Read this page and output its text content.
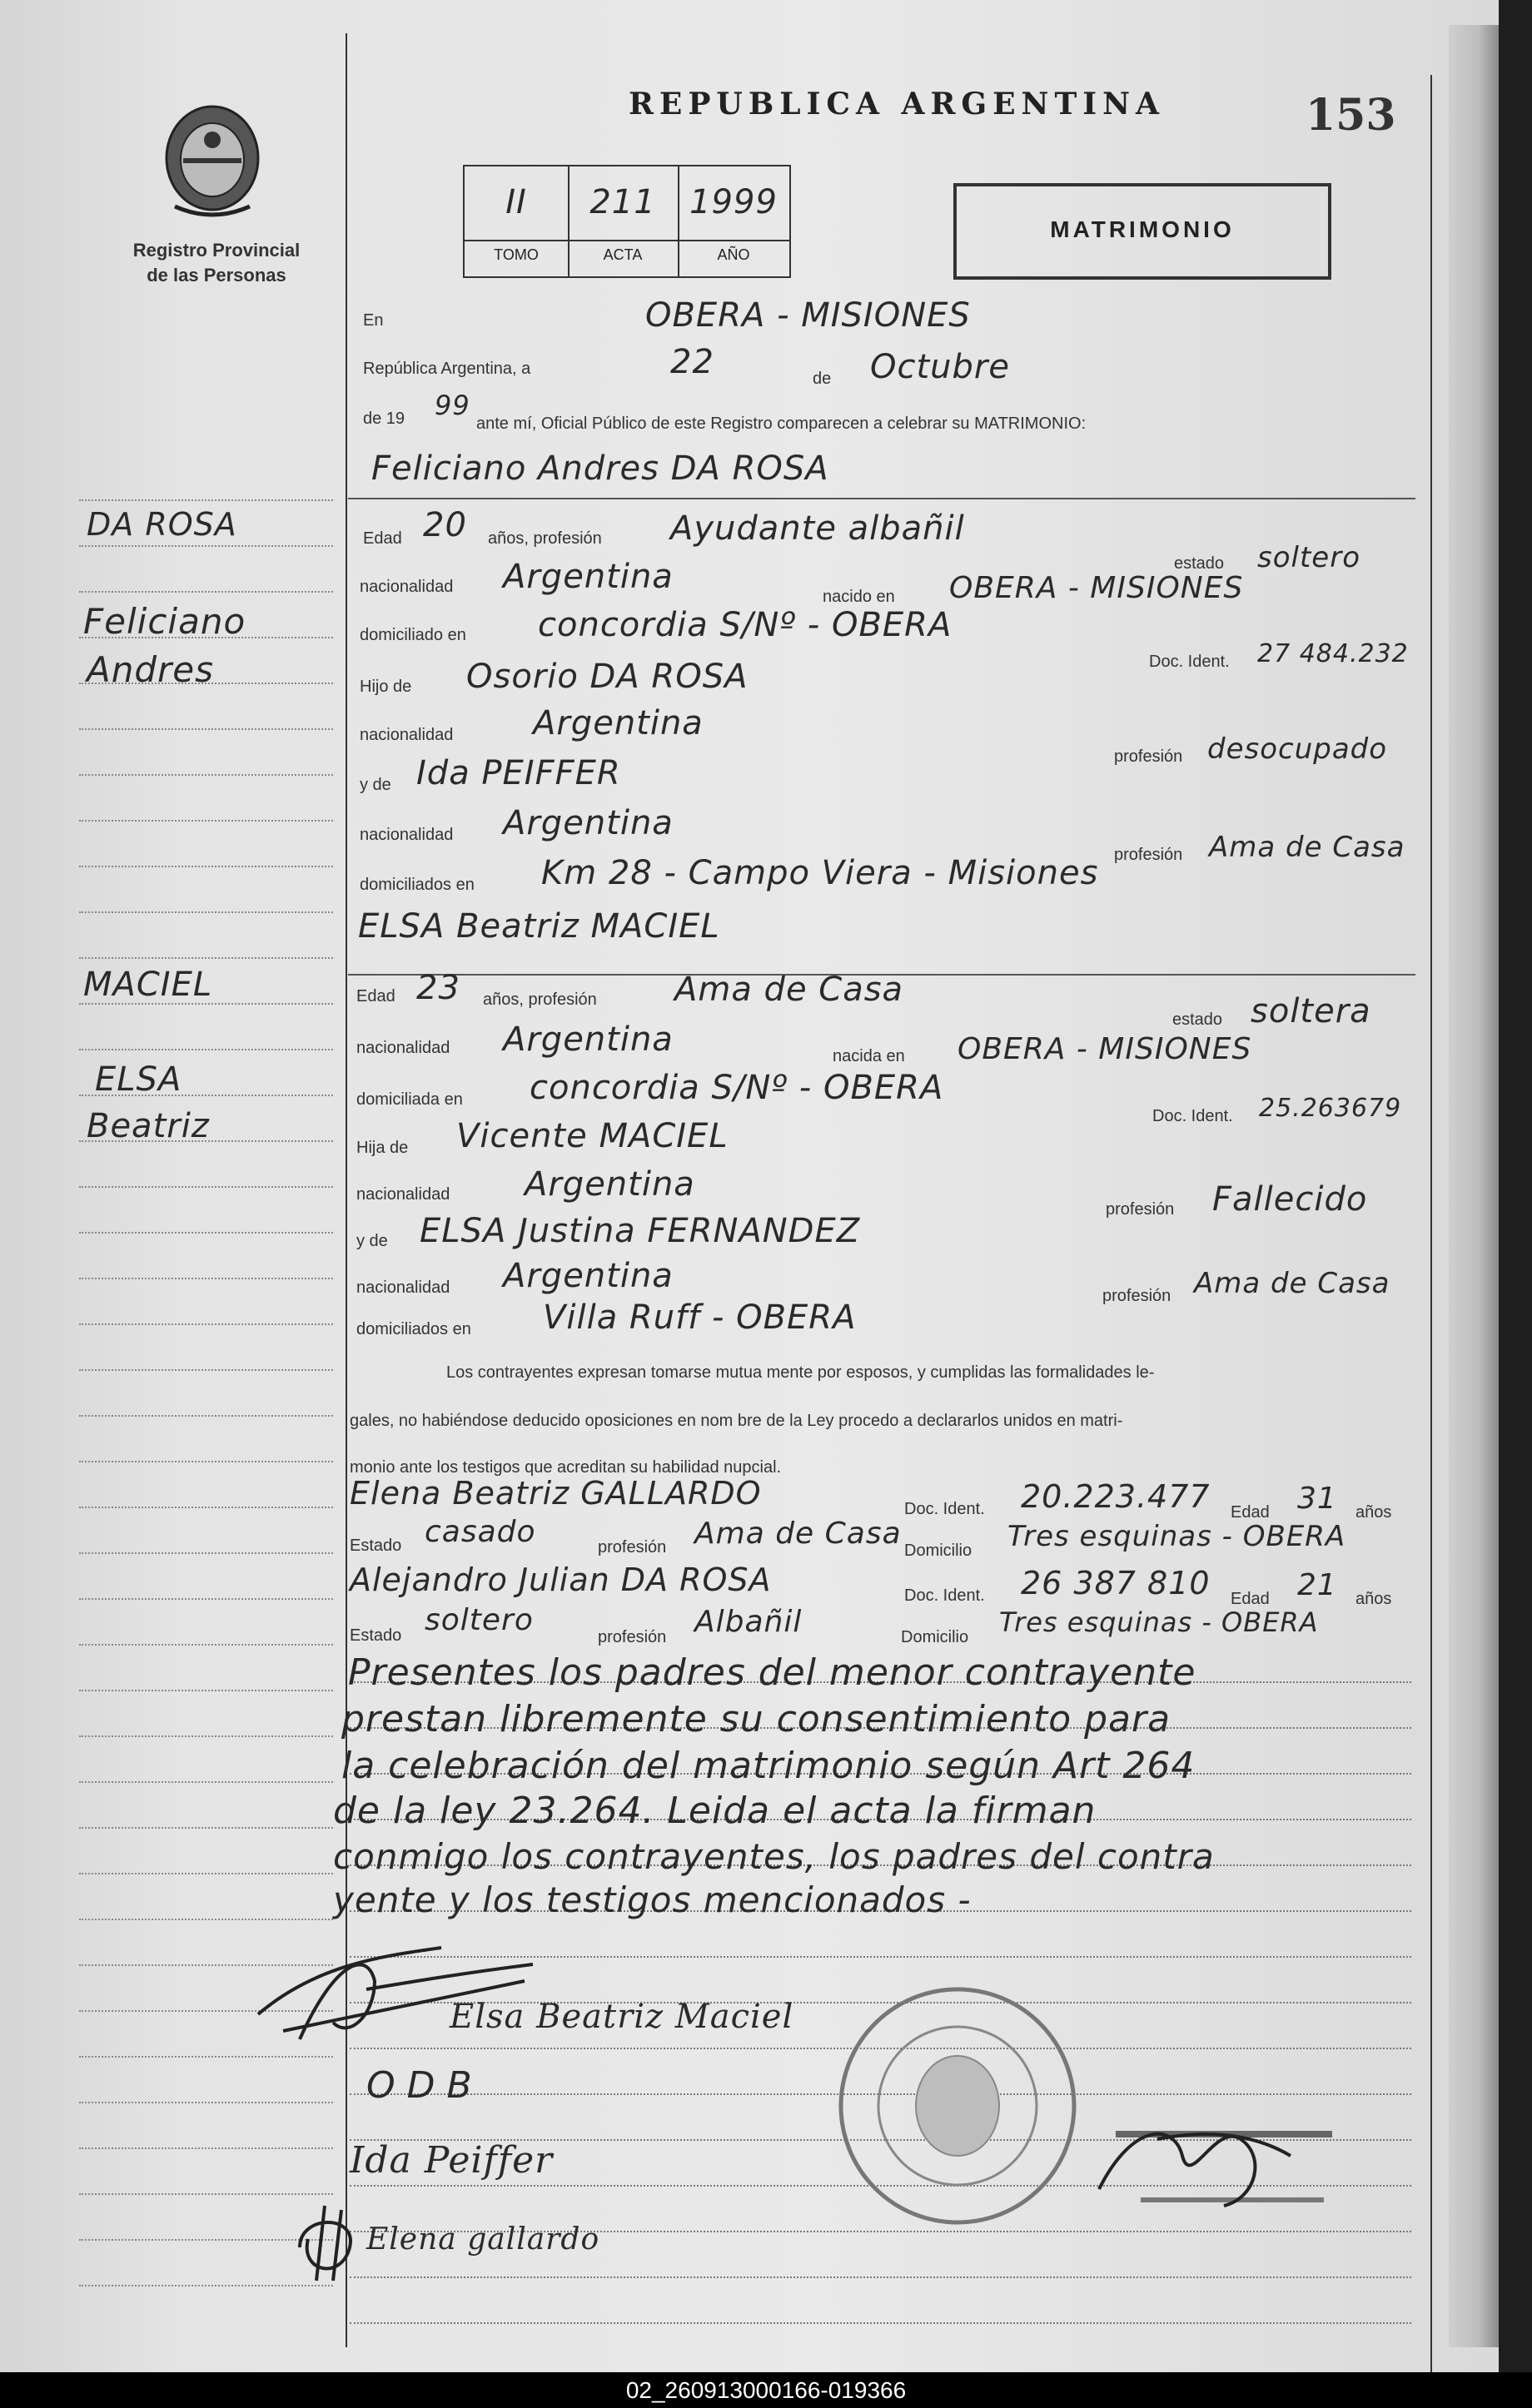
Registro Provincial
de las Personas
REPUBLICA ARGENTINA	153
II	211	1999
TOMO	ACTA	AÑO
MATRIMONIO
En	OBERA - MISIONES
República Argentina, a	22	de Octubre
de 19 99
ante mí, Oficial Público de este Registro comparecen a celebrar su MATRIMONIO:
Feliciano Andres DA ROSA
DA ROSA
Feliciano
Andres
Edad 20 años, profesión Ayudante albañil
estado soltero
nacionalidad Argentina
nacido en OBERA - MISIONES
domiciliado en concordia S/Nº - OBERA
Doc. Ident. 27 484.232
Hijo de Osorio DA ROSA
nacionalidad Argentina
profesión desocupado
y de Ida PEIFFER
nacionalidad Argentina
profesión Ama de Casa
domiciliados en Km 28 - Campo Viera - Misiones
ELSA Beatriz MACIEL
MACIEL
ELSA
Beatriz
Edad 23 años, profesión Ama de Casa
estado soltera
nacionalidad Argentina	nacida en OBERA - MISIONES
domiciliada en concordia S/Nº - OBERA
Doc. Ident. 25.263679
Hija de Vicente MACIEL
nacionalidad Argentina
profesión Fallecido
y de ELSA Justina FERNANDEZ
nacionalidad Argentina
profesión Ama de Casa
domiciliados en Villa Ruff - OBERA
Los contrayentes expresan tomarse mutua mente por esposos, y cumplidas las formalidades le-
gales, no habiéndose deducido oposiciones en nom bre de la Ley procedo a declararlos unidos en matri-
monio ante los testigos que acreditan su habilidad nupcial.
Elena Beatriz GALLARDO	Doc. Ident. 20.223.477 Edad 31 años
Estado casado	profesión Ama de Casa Domicilio Tres esquinas - OBERA
Alejandro Julian DA ROSA	Doc. Ident. 26 387 810 Edad 21 años
Estado soltero	profesión Albañil	Domicilio Tres esquinas - OBERA
Presentes los padres del menor contrayente
prestan libremente su consentimiento para
la celebración del matrimonio según Art 264
de la ley 23.264. Leida el acta la firman
conmigo los contrayentes, los padres del contra
yente y los testigos mencionados -
Elsa Beatriz Maciel
ODB
Ida Peiffer
Elena gallardo
02_260913000166-019366
